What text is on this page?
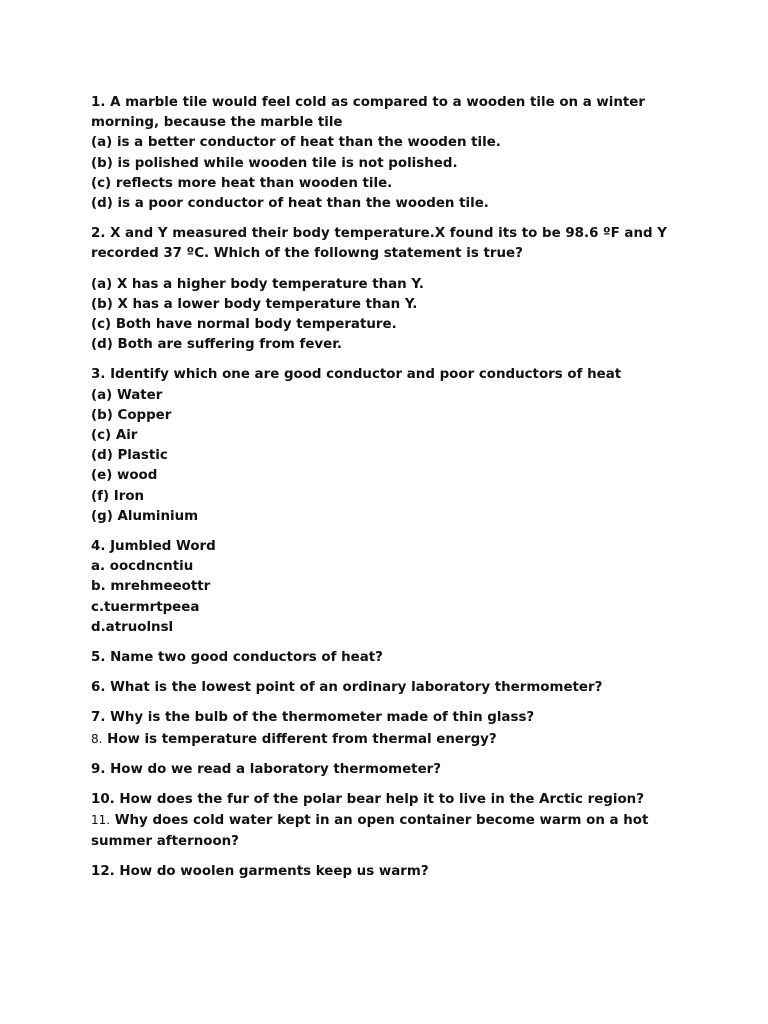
1. A marble tile would feel cold as compared to a wooden tile on a winter
morning, because the marble tile
(a) is a better conductor of heat than the wooden tile.
(b) is polished while wooden tile is not polished.
(c) reflects more heat than wooden tile.
(d) is a poor conductor of heat than the wooden tile.
2. X and Y measured their body temperature.X found its to be 98.6 ºF and Y
recorded 37 ºC. Which of the followng statement is true?
(a) X has a higher body temperature than Y.
(b) X has a lower body temperature than Y.
(c) Both have normal body temperature.
(d) Both are suffering from fever.
3. Identify which one are good conductor and poor conductors of heat
(a) Water
(b) Copper
(c) Air
(d) Plastic
(e) wood
(f) Iron
(g) Aluminium
4. Jumbled Word
a. oocdncntiu
b. mrehmeeottr
c.tuermrtpeea
d.atruolnsl
5. Name two good conductors of heat?
6. What is the lowest point of an ordinary laboratory thermometer?
7. Why is the bulb of the thermometer made of thin glass?
8. How is temperature different from thermal energy?
9. How do we read a laboratory thermometer?
10. How does the fur of the polar bear help it to live in the Arctic region?
11. Why does cold water kept in an open container become warm on a hot
summer afternoon?
12. How do woolen garments keep us warm?
